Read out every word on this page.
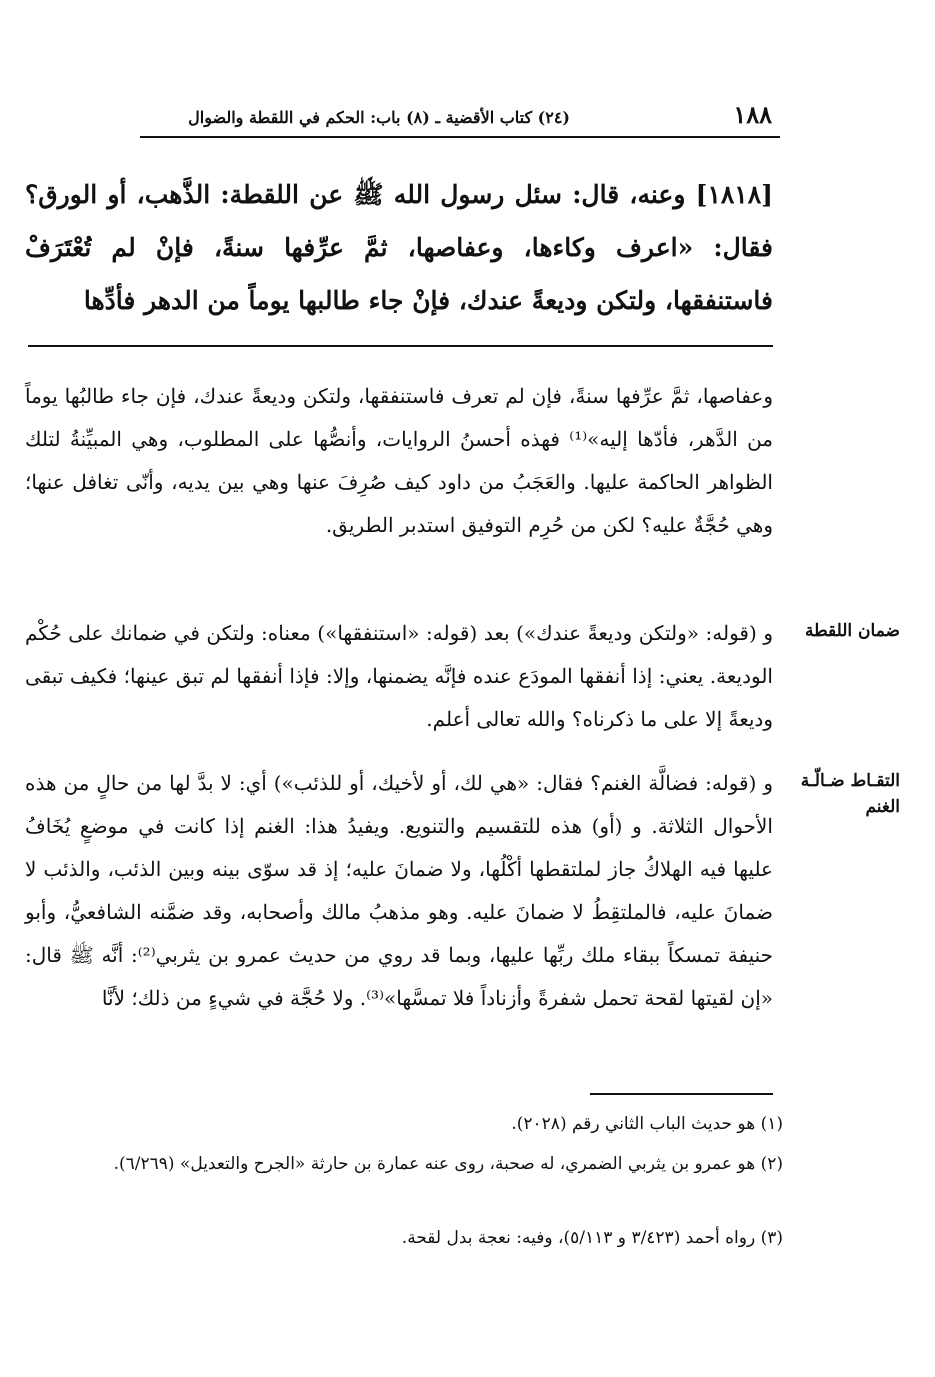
١٨٨
(٢٤) كتاب الأقضية ـ (٨) باب: الحكم في اللقطة والضوال
[١٨١٨] وعنه، قال: سئل رسول الله ﷺ عن اللقطة: الذَّهب، أو الورق؟ فقال: «اعرف وكاءها، وعفاصها، ثمَّ عرِّفها سنةً، فإنْ لم تُعْتَرَفْ فاستنفقها، ولتكن وديعةً عندك، فإنْ جاء طالبها يوماً من الدهر فأدِّها
وعفاصها، ثمَّ عرِّفها سنةً، فإن لم تعرف فاستنفقها، ولتكن وديعةً عندك، فإن جاء طالبُها يوماً من الدَّهر، فأدّها إليه»⁽¹⁾ فهذه أحسنُ الروايات، وأنصُّها على المطلوب، وهي المبيِّنةُ لتلك الظواهر الحاكمة عليها. والعَجَبُ من داود كيف صُرِفَ عنها وهي بين يديه، وأنّى تغافل عنها؛ وهي حُجَّةٌ عليه؟ لكن من حُرِم التوفيق استدبر الطريق.
ضمان اللقطة
و (قوله: «ولتكن وديعةً عندك») بعد (قوله: «استنفقها») معناه: ولتكن في ضمانك على حُكْم الوديعة. يعني: إذا أنفقها المودَع عنده فإنَّه يضمنها، وإلا: فإذا أنفقها لم تبق عينها؛ فكيف تبقى وديعةً إلا على ما ذكرناه؟ والله تعالى أعلم.
التقـاط ضـالّـة الغنم
و (قوله: فضالَّة الغنم؟ فقال: «هي لك، أو لأخيك، أو للذئب») أي: لا بدَّ لها من حالٍ من هذه الأحوال الثلاثة. و (أو) هذه للتقسيم والتنويع. ويفيدُ هذا: الغنم إذا كانت في موضعٍ يُخَافُ عليها فيه الهلاكُ جاز لملتقطها أكْلُها، ولا ضمانَ عليه؛ إذ قد سوّى بينه وبين الذئب، والذئب لا ضمانَ عليه، فالملتقِطُ لا ضمانَ عليه. وهو مذهبُ مالك وأصحابه، وقد ضمَّنه الشافعيُّ، وأبو حنيفة تمسكاً ببقاء ملك ربِّها عليها، وبما قد روي من حديث عمرو بن يثربي⁽²⁾: أنَّه ﷺ قال: «إن لقيتها لقحة تحمل شفرةً وأزناداً فلا تمسَّها»⁽³⁾. ولا حُجَّة في شيءٍ من ذلك؛ لأنَّا
(١) هو حديث الباب الثاني رقم (٢٠٢٨).
(٢) هو عمرو بن يثربي الضمري، له صحبة، روى عنه عمارة بن حارثة «الجرح والتعديل» (٦/٢٦٩).
(٣) رواه أحمد (٣/٤٢٣ و ٥/١١٣)، وفيه: نعجة بدل لقحة.
